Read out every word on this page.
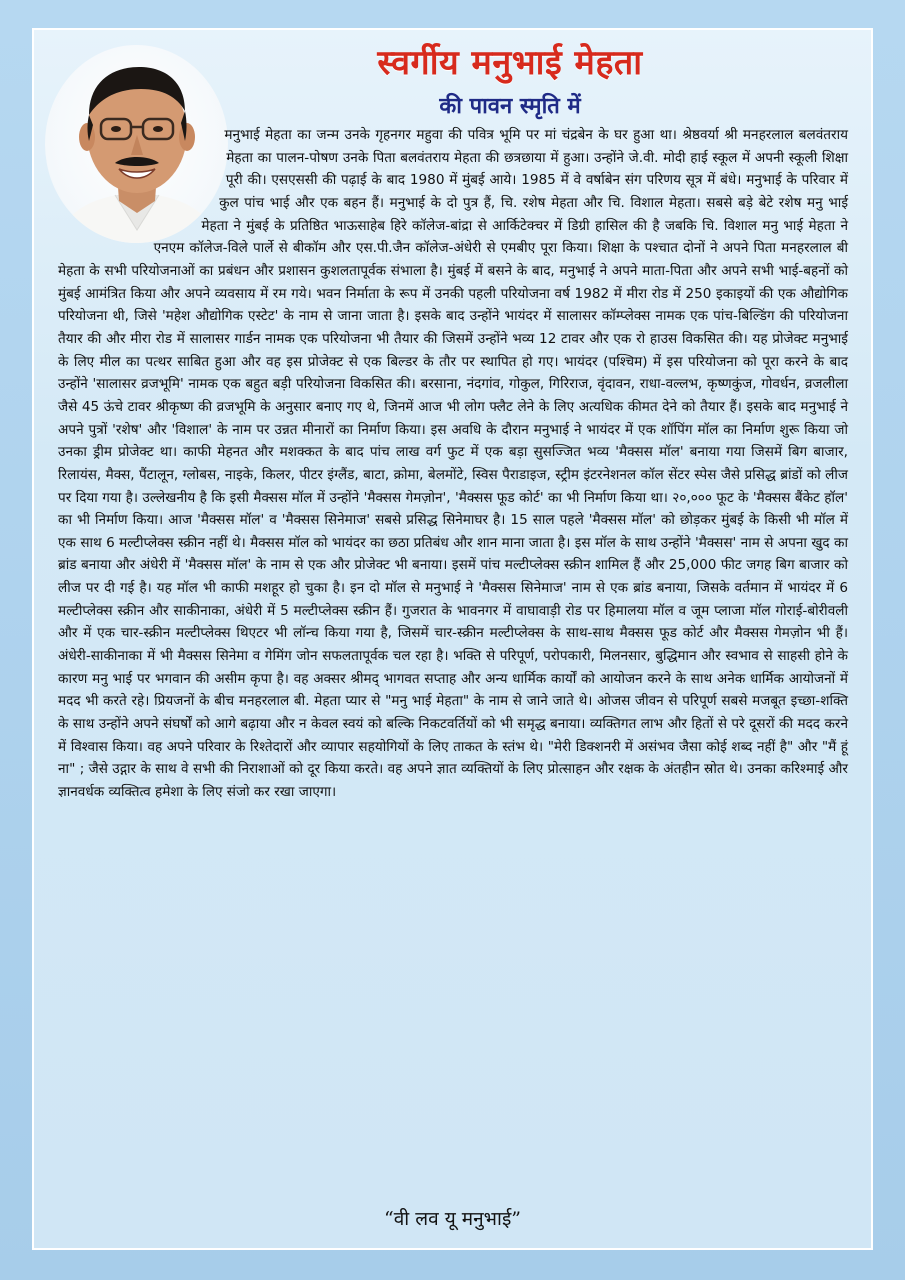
स्वर्गीय मनुभाई मेहता
की पावन स्मृति में

मनुभाई मेहता का जन्म उनके गृहनगर महुवा की पवित्र भूमि पर मां चंद्रबेन के घर हुआ था। श्रेष्ठवर्या श्री मनहरलाल बलवंतराय मेहता का पालन-पोषण उनके पिता बलवंतराय मेहता की छत्रछाया में हुआ। उन्होंने जे.वी. मोदी हाई स्कूल में अपनी स्कूली शिक्षा पूरी की। एसएससी की पढ़ाई के बाद 1980 में मुंबई आये। 1985 में वे वर्षाबेन संग परिणय सूत्र में बंधे। मनुभाई के परिवार में कुल पांच भाई और एक बहन हैं। मनुभाई के दो पुत्र हैं, चि. रशेष मेहता और चि. विशाल मेहता। सबसे बड़े बेटे रशेष मनु भाई मेहता ने मुंबई के प्रतिष्ठित भाऊसाहेब हिरे कॉलेज-बांद्रा से आर्किटेक्चर में डिग्री हासिल की है जबकि चि. विशाल मनु भाई मेहता ने एनएम कॉलेज-विले पार्ले से बीकॉम और एस.पी.जैन कॉलेज-अंधेरी से एमबीए पूरा किया। शिक्षा के पश्चात दोनों ने अपने पिता मनहरलाल बी मेहता के सभी परियोजनाओं का प्रबंधन और प्रशासन कुशलतापूर्वक संभाला है। मुंबई में बसने के बाद, मनुभाई ने अपने माता-पिता और अपने सभी भाई-बहनों को मुंबई आमंत्रित किया और अपने व्यवसाय में रम गये। भवन निर्माता के रूप में उनकी पहली परियोजना वर्ष 1982 में मीरा रोड में 250 इकाइयों की एक औद्योगिक परियोजना थी, जिसे 'महेश औद्योगिक एस्टेट' के नाम से जाना जाता है। इसके बाद उन्होंने भायंदर में सालासर कॉम्प्लेक्स नामक एक पांच-बिल्डिंग की परियोजना तैयार की और मीरा रोड में सालासर गार्डन नामक एक परियोजना भी तैयार की जिसमें उन्होंने भव्य 12 टावर और एक रो हाउस विकसित की। यह प्रोजेक्ट मनुभाई के लिए मील का पत्थर साबित हुआ और वह इस प्रोजेक्ट से एक बिल्डर के तौर पर स्थापित हो गए। भायंदर (पश्चिम) में इस परियोजना को पूरा करने के बाद उन्होंने 'सालासर व्रजभूमि' नामक एक बहुत बड़ी परियोजना विकसित की। बरसाना, नंदगांव, गोकुल, गिरिराज, वृंदावन, राधा-वल्लभ, कृष्णकुंज, गोवर्धन, व्रजलीला जैसे 45 ऊंचे टावर श्रीकृष्ण की व्रजभूमि के अनुसार बनाए गए थे, जिनमें आज भी लोग फ्लैट लेने के लिए अत्यधिक कीमत देने को तैयार हैं। इसके बाद मनुभाई ने अपने पुत्रों 'रशेष' और 'विशाल' के नाम पर उन्नत मीनारों का निर्माण किया। इस अवधि के दौरान मनुभाई ने भायंदर में एक शॉपिंग मॉल का निर्माण शुरू किया जो उनका ड्रीम प्रोजेक्ट था। काफी मेहनत और मशक्कत के बाद पांच लाख वर्ग फुट में एक बड़ा सुसज्जित भव्य 'मैक्सस मॉल' बनाया गया जिसमें बिग बाजार, रिलायंस, मैक्स, पैंटालून, ग्लोबस, नाइके, किलर, पीटर इंग्लैंड, बाटा, क्रोमा, बेलमोंटे, स्विस पैराडाइज, स्ट्रीम इंटरनेशनल कॉल सेंटर स्पेस जैसे प्रसिद्ध ब्रांडों को लीज पर दिया गया है। उल्लेखनीय है कि इसी मैक्सस मॉल में उन्होंने 'मैक्सस गेमज़ोन', 'मैक्सस फूड कोर्ट' का भी निर्माण किया था। २०,००० फूट के 'मैक्सस बैंकेट हॉल' का भी निर्माण किया। आज 'मैक्सस मॉल' व 'मैक्सस सिनेमाज' सबसे प्रसिद्ध सिनेमाघर है। 15 साल पहले 'मैक्सस मॉल' को छोड़कर मुंबई के किसी भी मॉल में एक साथ 6 मल्टीप्लेक्स स्क्रीन नहीं थे। मैक्सस मॉल को भायंदर का छठा प्रतिबंध और शान माना जाता है। इस मॉल के साथ उन्होंने 'मैक्सस' नाम से अपना खुद का ब्रांड बनाया और अंधेरी में 'मैक्सस मॉल' के नाम से एक और प्रोजेक्ट भी बनाया। इसमें पांच मल्टीप्लेक्स स्क्रीन शामिल हैं और 25,000 फीट जगह बिग बाजार को लीज पर दी गई है। यह मॉल भी काफी मशहूर हो चुका है। इन दो मॉल से मनुभाई ने 'मैक्सस सिनेमाज' नाम से एक ब्रांड बनाया, जिसके वर्तमान में भायंदर में 6 मल्टीप्लेक्स स्क्रीन और साकीनाका, अंधेरी में 5 मल्टीप्लेक्स स्क्रीन हैं। गुजरात के भावनगर में वाघावाड़ी रोड पर हिमालया मॉल व जूम प्लाजा मॉल गोराई-बोरीवली और में एक चार-स्क्रीन मल्टीप्लेक्स थिएटर भी लॉन्च किया गया है, जिसमें चार-स्क्रीन मल्टीप्लेक्स के साथ-साथ मैक्सस फूड कोर्ट और मैक्सस गेमज़ोन भी हैं। अंधेरी-साकीनाका में भी मैक्सस सिनेमा व गेमिंग जोन सफलतापूर्वक चल रहा है। भक्ति से परिपूर्ण, परोपकारी, मिलनसार, बुद्धिमान और स्वभाव से साहसी होने के कारण मनु भाई पर भगवान की असीम कृपा है। वह अक्सर श्रीमद् भागवत सप्ताह और अन्य धार्मिक कार्यों को आयोजन करने के साथ अनेक धार्मिक आयोजनों में मदद भी करते रहे। प्रियजनों के बीच मनहरलाल बी. मेहता प्यार से "मनु भाई मेहता" के नाम से जाने जाते थे। ओजस जीवन से परिपूर्ण सबसे मजबूत इच्छा-शक्ति के साथ उन्होंने अपने संघर्षों को आगे बढ़ाया और न केवल स्वयं को बल्कि निकटवर्तियों को भी समृद्ध बनाया। व्यक्तिगत लाभ और हितों से परे दूसरों की मदद करने में विश्वास किया। वह अपने परिवार के रिश्तेदारों और व्यापार सहयोगियों के लिए ताकत के स्तंभ थे। "मेरी डिक्शनरी में असंभव जैसा कोई शब्द नहीं है" और "मैं हूं ना" ; जैसे उद्गार के साथ वे सभी की निराशाओं को दूर किया करते। वह अपने ज्ञात व्यक्तियों के लिए प्रोत्साहन और रक्षक के अंतहीन स्रोत थे। उनका करिश्माई और ज्ञानवर्धक व्यक्तित्व हमेशा के लिए संजो कर रखा जाएगा।

“वी लव यू मनुभाई”
